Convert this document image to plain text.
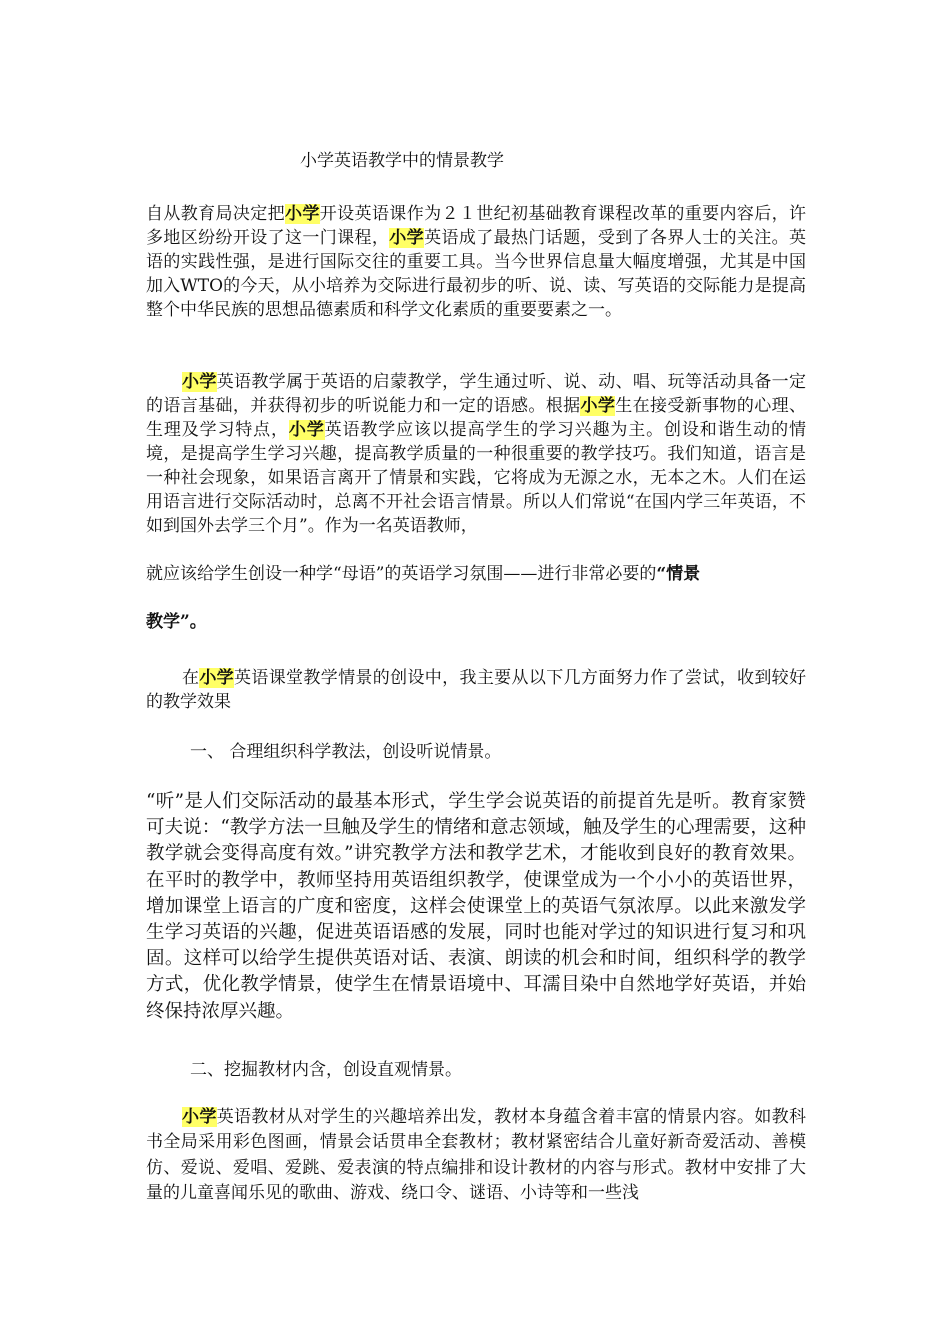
小学英语教学中的情景教学
自从教育局决定把小学开设英语课作为２１世纪初基础教育课程改革的重要内容后，许多地区纷纷开设了这一门课程，小学英语成了最热门话题，受到了各界人士的关注。英语的实践性强，是进行国际交往的重要工具。当今世界信息量大幅度增强，尤其是中国加入WTO的今天，从小培养为交际进行最初步的听、说、读、写英语的交际能力是提高整个中华民族的思想品德素质和科学文化素质的重要要素之一。
小学英语教学属于英语的启蒙教学，学生通过听、说、动、唱、玩等活动具备一定的语言基础，并获得初步的听说能力和一定的语感。根据小学生在接受新事物的心理、生理及学习特点，小学英语教学应该以提高学生的学习兴趣为主。创设和谐生动的情境，是提高学生学习兴趣，提高教学质量的一种很重要的教学技巧。我们知道，语言是一种社会现象，如果语言离开了情景和实践，它将成为无源之水，无本之木。人们在运用语言进行交际活动时，总离不开社会语言情景。所以人们常说“在国内学三年英语，不如到国外去学三个月”。作为一名英语教师，
就应该给学生创设一种学“母语”的英语学习氛围——进行非常必要的“情景
教学”。
在小学英语课堂教学情景的创设中，我主要从以下几方面努力作了尝试，收到较好的教学效果
一、 合理组织科学教法，创设听说情景。
“听”是人们交际活动的最基本形式，学生学会说英语的前提首先是听。教育家赞可夫说：“教学方法一旦触及学生的情绪和意志领域，触及学生的心理需要，这种教学就会变得高度有效。”讲究教学方法和教学艺术，才能收到良好的教育效果。在平时的教学中，教师坚持用英语组织教学，使课堂成为一个小小的英语世界，增加课堂上语言的广度和密度，这样会使课堂上的英语气氛浓厚。以此来激发学生学习英语的兴趣，促进英语语感的发展，同时也能对学过的知识进行复习和巩固。这样可以给学生提供英语对话、表演、朗读的机会和时间，组织科学的教学方式，优化教学情景，使学生在情景语境中、耳濡目染中自然地学好英语，并始终保持浓厚兴趣。
二、挖掘教材内含，创设直观情景。
小学英语教材从对学生的兴趣培养出发，教材本身蕴含着丰富的情景内容。如教科书全局采用彩色图画，情景会话贯串全套教材；教材紧密结合儿童好新奇爱活动、善模仿、爱说、爱唱、爱跳、爱表演的特点编排和设计教材的内容与形式。教材中安排了大量的儿童喜闻乐见的歌曲、游戏、绕口令、谜语、小诗等和一些浅
